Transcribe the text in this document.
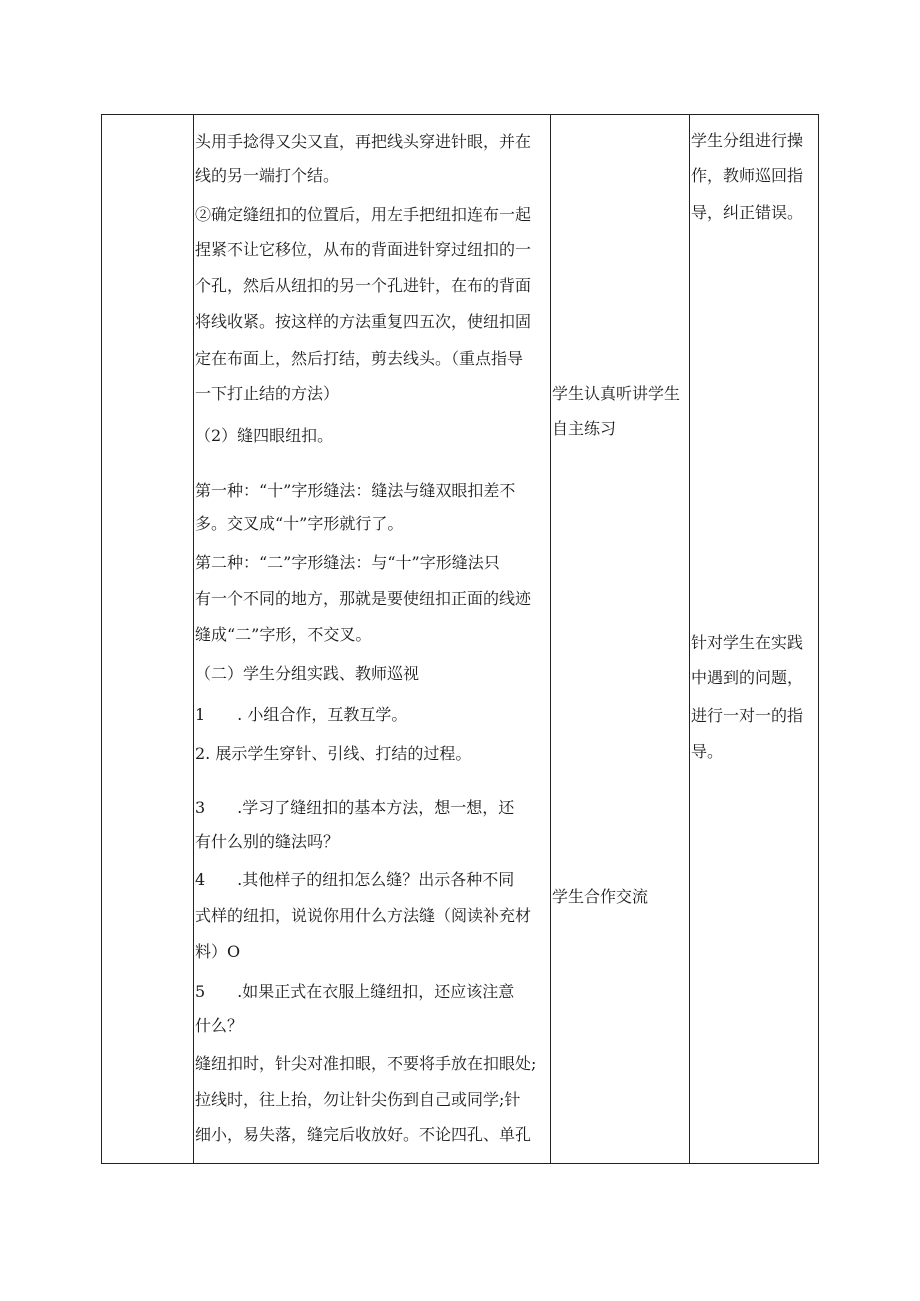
头用手捻得又尖又直，再把线头穿进针眼，并在
线的另一端打个结。
②确定缝纽扣的位置后，用左手把纽扣连布一起
捏紧不让它移位，从布的背面进针穿过纽扣的一
个孔，然后从纽扣的另一个孔进针，在布的背面
将线收紧。按这样的方法重复四五次，使纽扣固
定在布面上，然后打结，剪去线头。（重点指导
一下打止结的方法）
（2）缝四眼纽扣。
第一种：“十”字形缝法：缝法与缝双眼扣差不
多。交叉成“十”字形就行了。
第二种：“二”字形缝法：与“十”字形缝法只
有一个不同的地方，那就是要使纽扣正面的线迹
缝成“二”字形，不交叉。
（二）学生分组实践、教师巡视
1　　. 小组合作，互教互学。
2. 展示学生穿针、引线、打结的过程。
3　　.学习了缝纽扣的基本方法，想一想，还
有什么别的缝法吗？
4　　.其他样子的纽扣怎么缝？出示各种不同
式样的纽扣，说说你用什么方法缝（阅读补充材
料）O
5　　.如果正式在衣服上缝纽扣，还应该注意
什么？
缝纽扣时，针尖对准扣眼，不要将手放在扣眼处;
拉线时，往上抬，勿让针尖伤到自己或同学;针
细小，易失落，缝完后收放好。不论四孔、单孔
学生认真听讲学生
自主练习
学生合作交流
学生分组进行操
作，教师巡回指
导，纠正错误。
针对学生在实践
中遇到的问题，
进行一对一的指
导。
